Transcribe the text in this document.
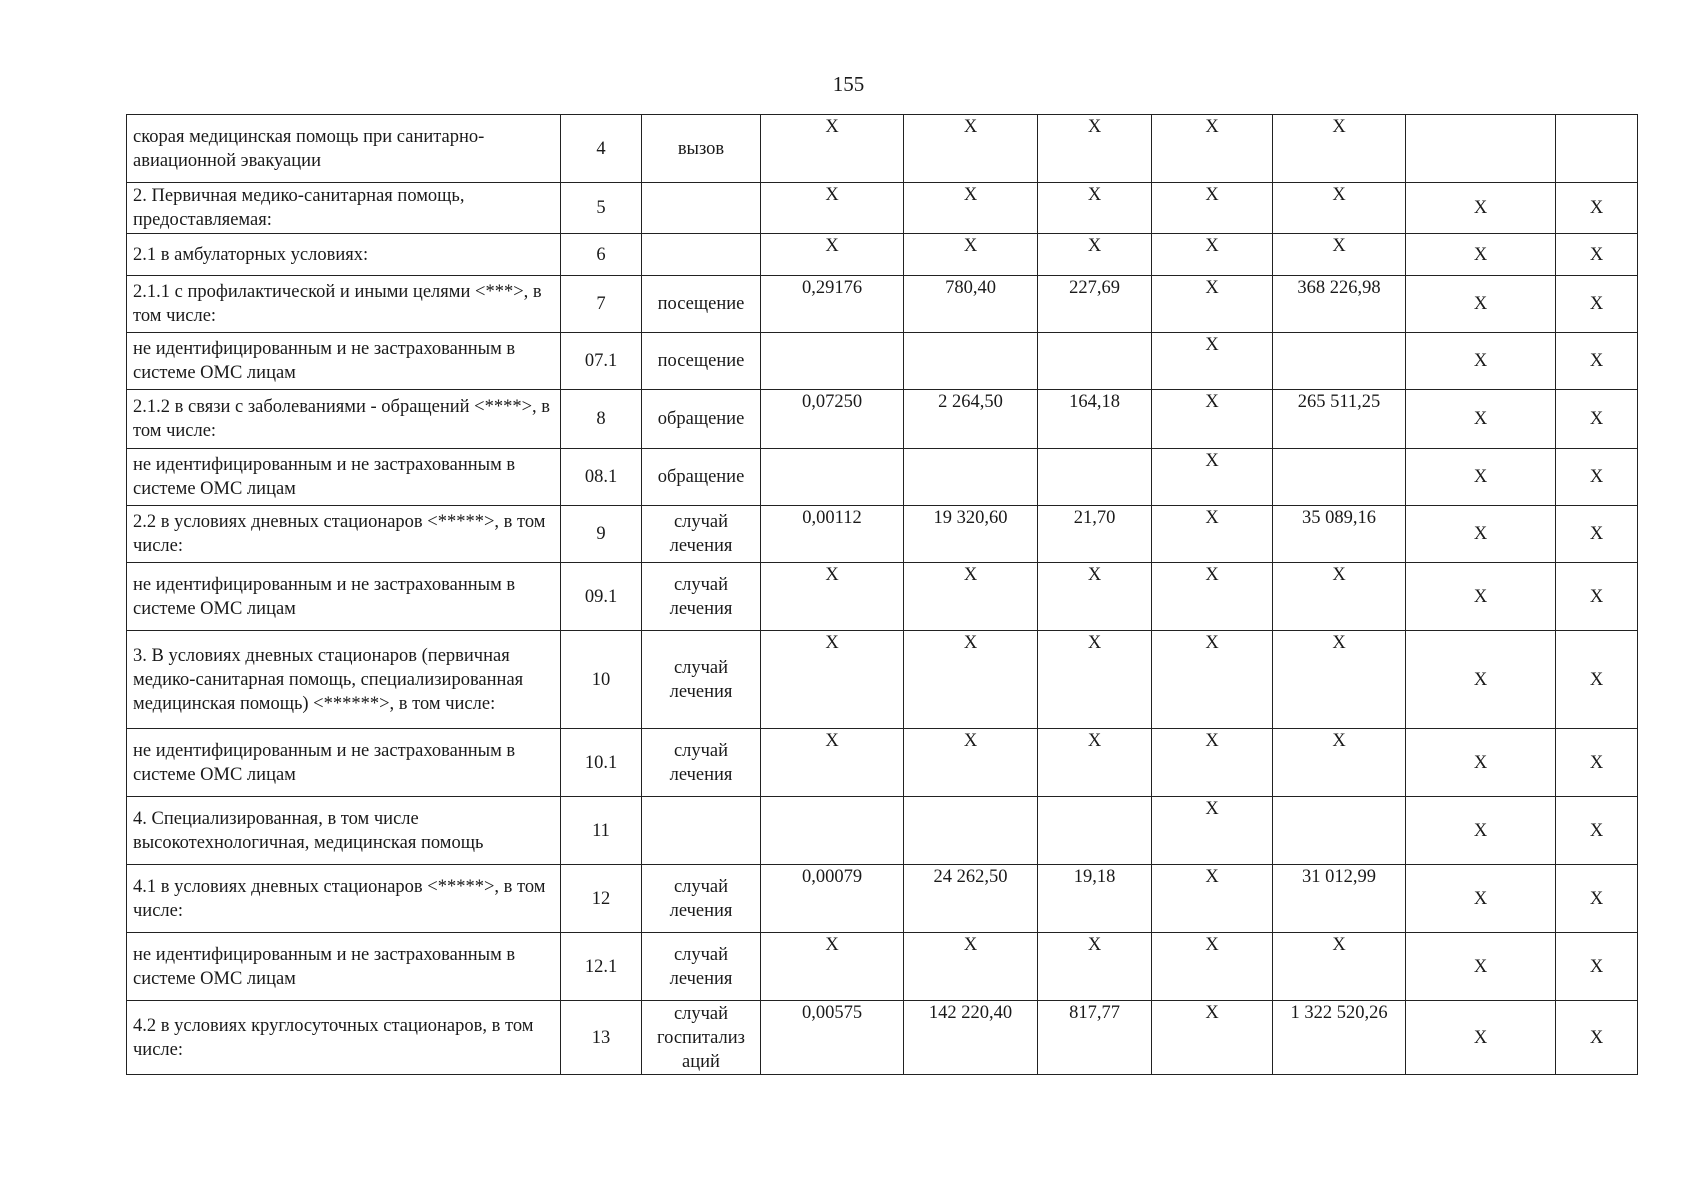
155
скорая медицинская помощь при санитарно-авиационной эвакуации	4	вызов	X	X	X	X	X		
2. Первичная медико-санитарная помощь, предоставляемая:	5		X	X	X	X	X	X	X
2.1 в амбулаторных условиях:	6		X	X	X	X	X	X	X
2.1.1 с профилактической и иными целями <***>, в том числе:	7	посещение	0,29176	780,40	227,69	X	368 226,98	X	X
не идентифицированным и не застрахованным в системе ОМС лицам	07.1	посещение				X		X	X
2.1.2 в связи с заболеваниями - обращений <****>, в том числе:	8	обращение	0,07250	2 264,50	164,18	X	265 511,25	X	X
не идентифицированным и не застрахованным в системе ОМС лицам	08.1	обращение				X		X	X
2.2 в условиях дневных стационаров <*****>, в том числе:	9	случай лечения	0,00112	19 320,60	21,70	X	35 089,16	X	X
не идентифицированным и не застрахованным в системе ОМС лицам	09.1	случай лечения	X	X	X	X	X	X	X
3. В условиях дневных стационаров (первичная медико-санитарная помощь, специализированная медицинская помощь) <******>, в том числе:	10	случай лечения	X	X	X	X	X	X	X
не идентифицированным и не застрахованным в системе ОМС лицам	10.1	случай лечения	X	X	X	X	X	X	X
4. Специализированная, в том числе высокотехнологичная, медицинская помощь	11					X		X	X
4.1 в условиях дневных стационаров <*****>, в том числе:	12	случай лечения	0,00079	24 262,50	19,18	X	31 012,99	X	X
не идентифицированным и не застрахованным в системе ОМС лицам	12.1	случай лечения	X	X	X	X	X	X	X
4.2 в условиях круглосуточных стационаров, в том числе:	13	случай госпитализ аций	0,00575	142 220,40	817,77	X	1 322 520,26	X	X
